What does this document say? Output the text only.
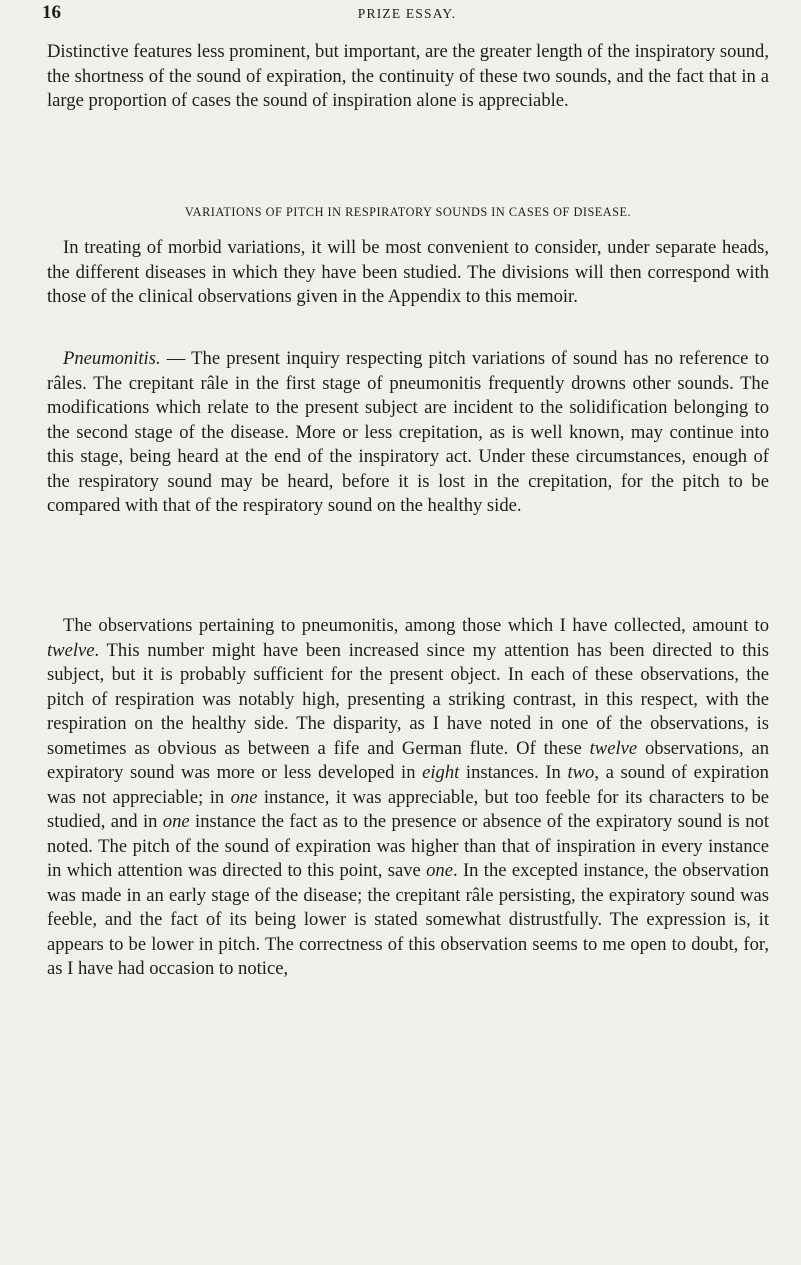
16	PRIZE ESSAY.

Distinctive features less prominent, but important, are the greater length of the inspiratory sound, the shortness of the sound of expiration, the continuity of these two sounds, and the fact that in a large proportion of cases the sound of inspiration alone is appreciable.

VARIATIONS OF PITCH IN RESPIRATORY SOUNDS IN CASES OF DISEASE.

In treating of morbid variations, it will be most convenient to consider, under separate heads, the different diseases in which they have been studied. The divisions will then correspond with those of the clinical observations given in the Appendix to this memoir.

Pneumonitis. — The present inquiry respecting pitch variations of sound has no reference to râles. The crepitant râle in the first stage of pneumonitis frequently drowns other sounds. The modifications which relate to the present subject are incident to the solidification belonging to the second stage of the disease. More or less crepitation, as is well known, may continue into this stage, being heard at the end of the inspiratory act. Under these circumstances, enough of the respiratory sound may be heard, before it is lost in the crepitation, for the pitch to be compared with that of the respiratory sound on the healthy side.

The observations pertaining to pneumonitis, among those which I have collected, amount to twelve. This number might have been increased since my attention has been directed to this subject, but it is probably sufficient for the present object. In each of these observations, the pitch of respiration was notably high, presenting a striking contrast, in this respect, with the respiration on the healthy side. The disparity, as I have noted in one of the observations, is sometimes as obvious as between a fife and German flute. Of these twelve observations, an expiratory sound was more or less developed in eight instances. In two, a sound of expiration was not appreciable; in one instance, it was appreciable, but too feeble for its characters to be studied, and in one instance the fact as to the presence or absence of the expiratory sound is not noted. The pitch of the sound of expiration was higher than that of inspiration in every instance in which attention was directed to this point, save one. In the excepted instance, the observation was made in an early stage of the disease; the crepitant râle persisting, the expiratory sound was feeble, and the fact of its being lower is stated somewhat distrustfully. The expression is, it appears to be lower in pitch. The correctness of this observation seems to me open to doubt, for, as I have had occasion to notice,
